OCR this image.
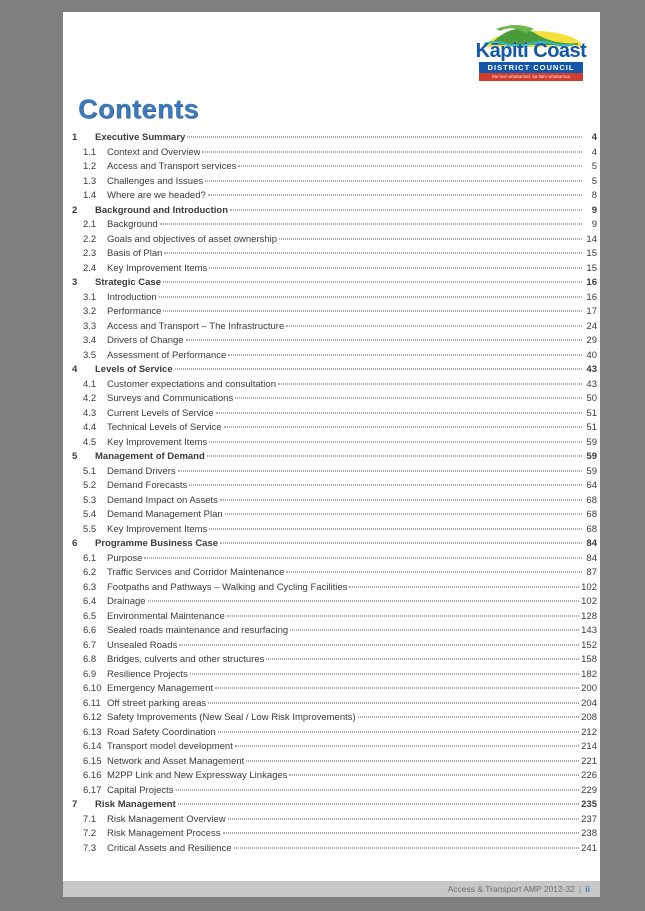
Kāpiti Coast
DISTRICT COUNCIL
Me huri whakamuri, ka titiro whakamua
Contents
1	Executive Summary	4
1.1	Context and Overview	4
1.2	Access and Transport services	5
1.3	Challenges and Issues	5
1.4	Where are we headed?	8
2	Background and Introduction	9
2.1	Background	9
2.2	Goals and objectives of asset ownership	14
2.3	Basis of Plan	15
2.4	Key Improvement Items	15
3	Strategic Case	16
3.1	Introduction	16
3.2	Performance	17
3.3	Access and Transport – The Infrastructure	24
3.4	Drivers of Change	29
3.5	Assessment of Performance	40
4	Levels of Service	43
4.1	Customer expectations and consultation	43
4.2	Surveys and Communications	50
4.3	Current Levels of Service	51
4.4	Technical Levels of Service	51
4.5	Key Improvement Items	59
5	Management of Demand	59
5.1	Demand Drivers	59
5.2	Demand Forecasts	64
5.3	Demand Impact on Assets	68
5.4	Demand Management Plan	68
5.5	Key Improvement Items	68
6	Programme Business Case	84
6.1	Purpose	84
6.2	Traffic Services and Corridor Maintenance	87
6.3	Footpaths and Pathways – Walking and Cycling Facilities	102
6.4	Drainage	102
6.5	Environmental Maintenance	128
6.6	Sealed roads maintenance and resurfacing	143
6.7	Unsealed Roads	152
6.8	Bridges, culverts and other structures	158
6.9	Resilience Projects	182
6.10 Emergency Management	200
6.11 Off street parking areas	204
6.12 Safety Improvements (New Seal / Low Risk Improvements)	208
6.13 Road Safety Coordination	212
6.14 Transport model development	214
6.15 Network and Asset Management	221
6.16 M2PP Link and New Expressway Linkages	226
6.17 Capital Projects	229
7	Risk Management	235
7.1	Risk Management Overview	237
7.2	Risk Management Process	238
7.3	Critical Assets and Resilience	241
Access & Transport AMP 2012-32 | ii
